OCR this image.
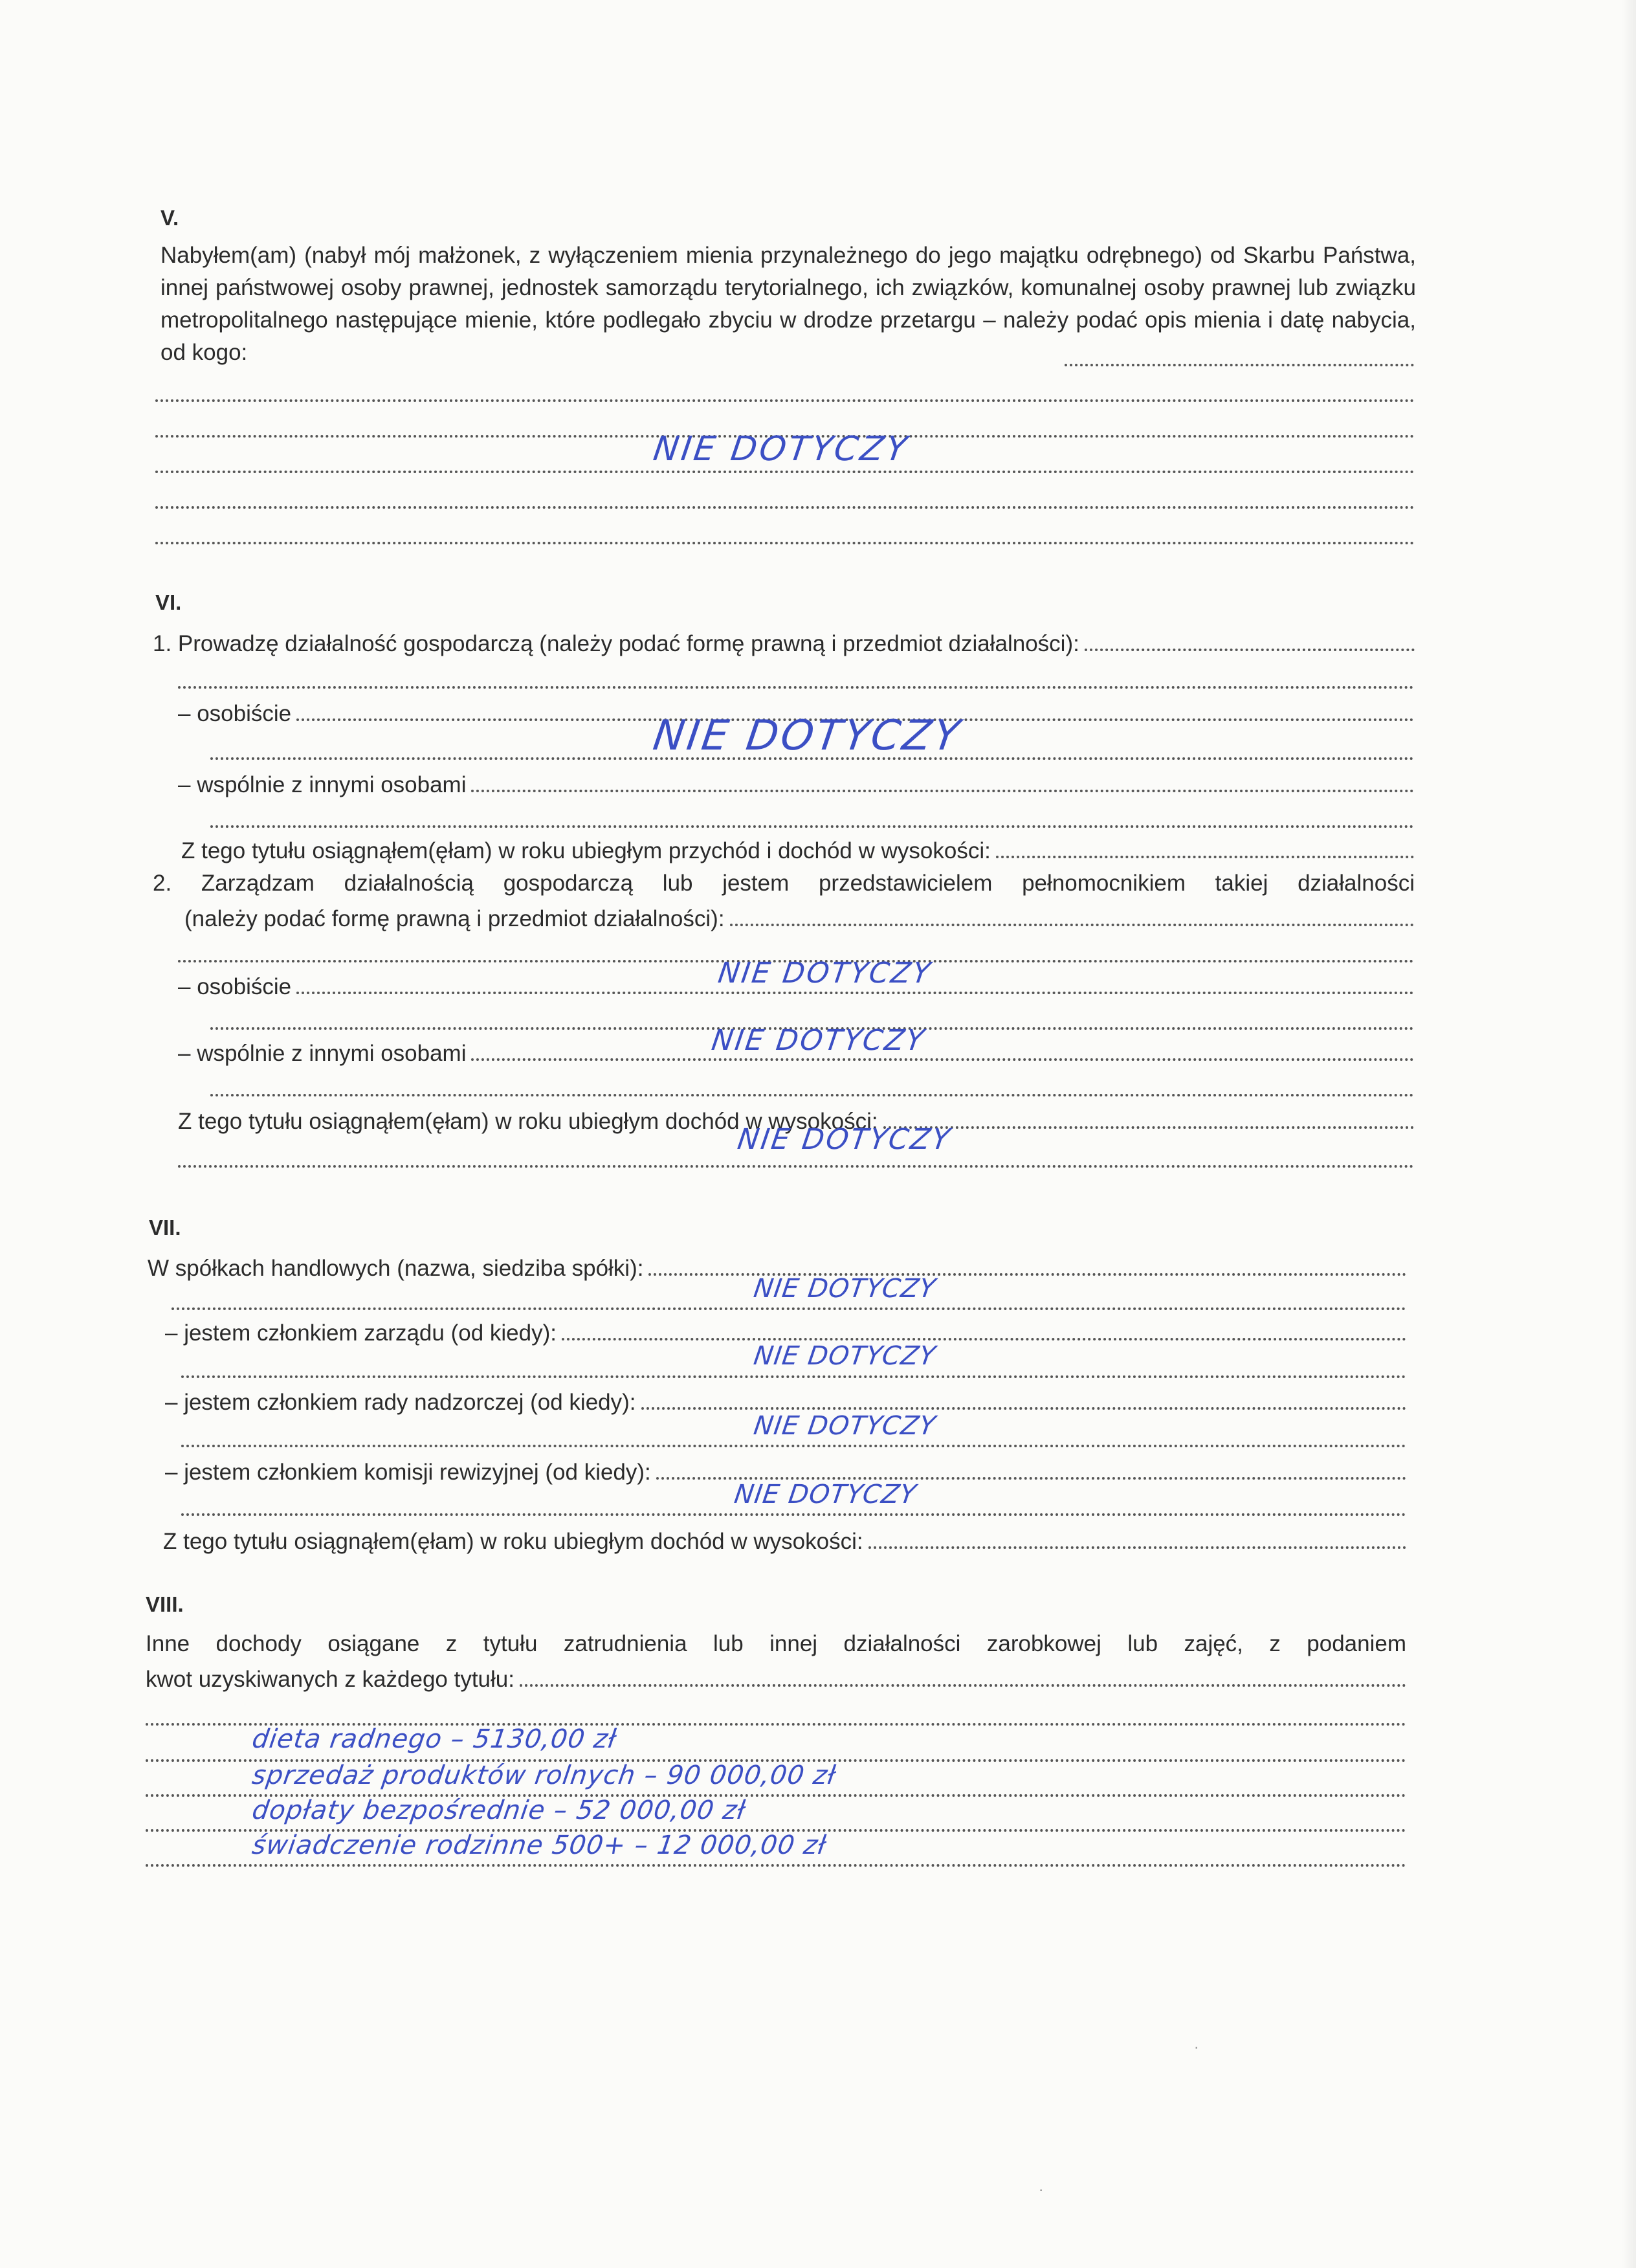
V.
Nabyłem(am) (nabył mój małżonek, z wyłączeniem mienia przynależnego do jego majątku odrębnego) od Skarbu Państwa, innej państwowej osoby prawnej, jednostek samorządu terytorialnego, ich związków, komunalnej osoby prawnej lub związku metropolitalnego następujące mienie, które podlegało zbyciu w drodze przetargu – należy podać opis mienia i datę nabycia, od kogo:
NIE DOTYCZY
VI.
1. Prowadzę działalność gospodarczą (należy podać formę prawną i przedmiot działalności):
– osobiście	NIE DOTYCZY
– wspólnie z innymi osobami
Z tego tytułu osiągnąłem(ęłam) w roku ubiegłym przychód i dochód w wysokości:
2. Zarządzam działalnością gospodarczą lub jestem przedstawicielem pełnomocnikiem takiej działalności
(należy podać formę prawną i przedmiot działalności):
– osobiście	NIE DOTYCZY
– wspólnie z innymi osobami	NIE DOTYCZY
Z tego tytułu osiągnąłem(ęłam) w roku ubiegłym dochód w wysokości:
NIE DOTYCZY
VII.
W spółkach handlowych (nazwa, siedziba spółki):
NIE DOTYCZY
– jestem członkiem zarządu (od kiedy):
NIE DOTYCZY
– jestem członkiem rady nadzorczej (od kiedy):
NIE DOTYCZY
– jestem członkiem komisji rewizyjnej (od kiedy):
NIE DOTYCZY
Z tego tytułu osiągnąłem(ęłam) w roku ubiegłym dochód w wysokości:
VIII.
Inne dochody osiągane z tytułu zatrudnienia lub innej działalności zarobkowej lub zajęć, z podaniem
kwot uzyskiwanych z każdego tytułu:
dieta radnego – 5130,00 zł
sprzedaż produktów rolnych – 90 000,00 zł
dopłaty bezpośrednie – 52 000,00 zł
świadczenie rodzinne 500+ – 12 000,00 zł
·
·
